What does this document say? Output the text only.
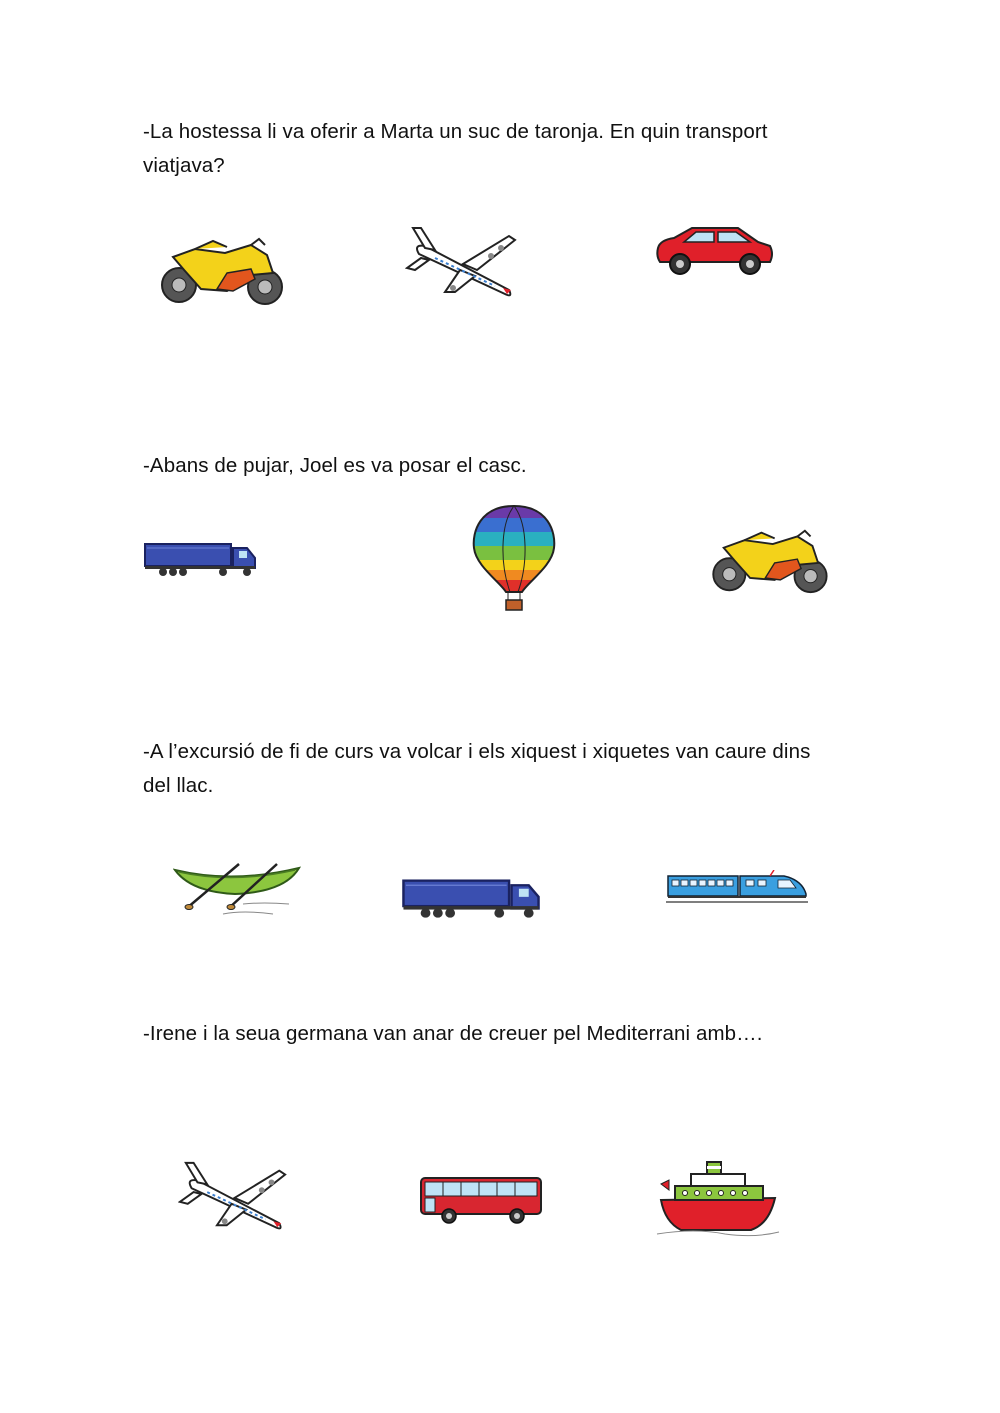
-La hostessa li va oferir a Marta un suc de taronja. En quin transport viatjava?

-Abans de pujar, Joel es va posar el casc.

-A l’excursió de fi de curs va volcar i els xiquest i xiquetes van caure dins del llac.

-Irene i la seua germana van anar de creuer pel Mediterrani amb….
